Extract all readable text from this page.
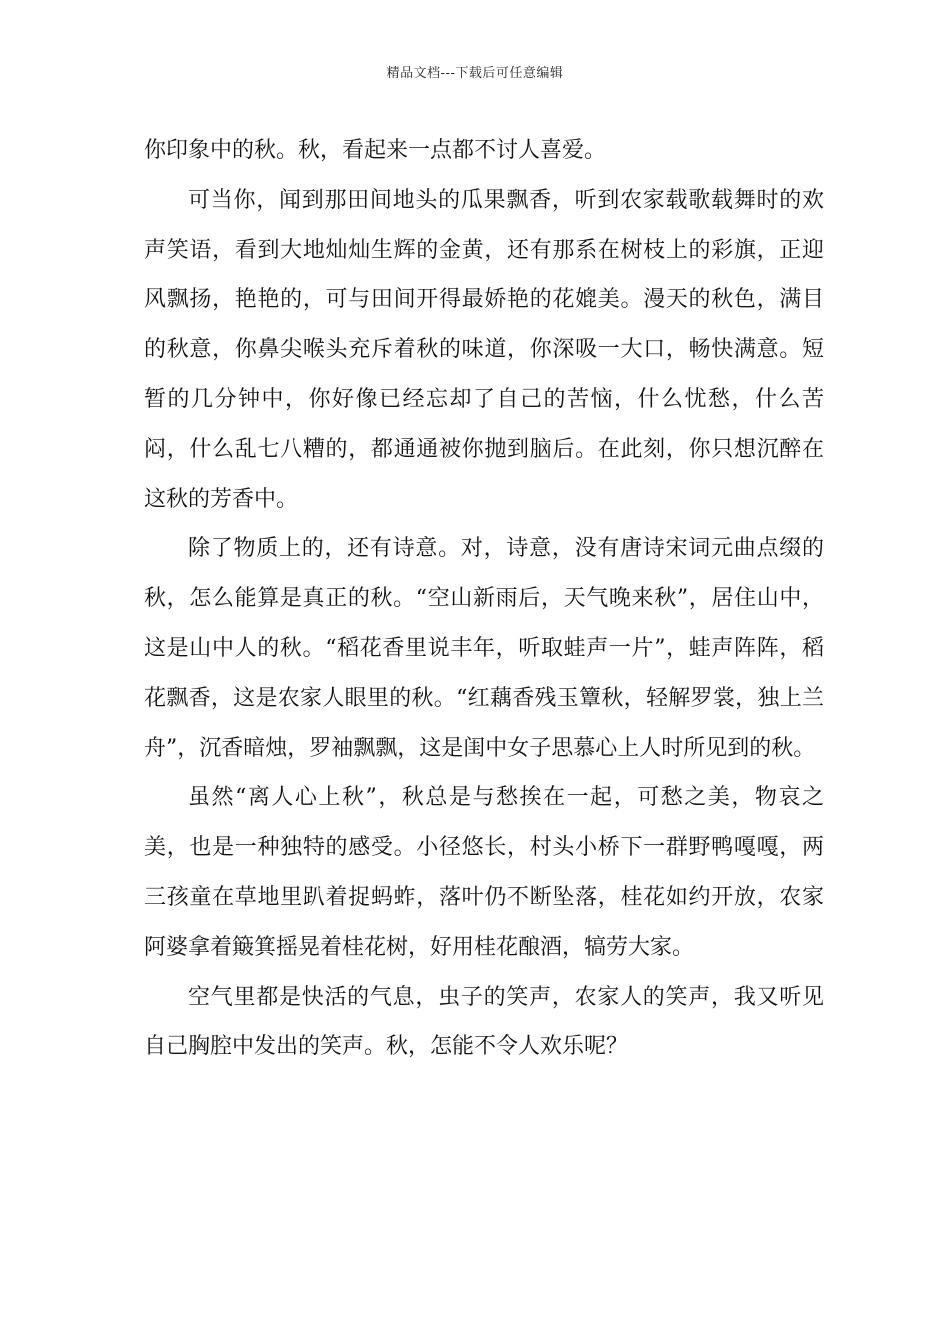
精品文档---下载后可任意编辑

你印象中的秋。秋，看起来一点都不讨人喜爱。

可当你，闻到那田间地头的瓜果飘香，听到农家载歌载舞时的欢声笑语，看到大地灿灿生辉的金黄，还有那系在树枝上的彩旗，正迎风飘扬，艳艳的，可与田间开得最娇艳的花媲美。漫天的秋色，满目的秋意，你鼻尖喉头充斥着秋的味道，你深吸一大口，畅快满意。短暂的几分钟中，你好像已经忘却了自己的苦恼，什么忧愁，什么苦闷，什么乱七八糟的，都通通被你抛到脑后。在此刻，你只想沉醉在这秋的芳香中。

除了物质上的，还有诗意。对，诗意，没有唐诗宋词元曲点缀的秋，怎么能算是真正的秋。“空山新雨后，天气晚来秋”，居住山中，这是山中人的秋。“稻花香里说丰年，听取蛙声一片”，蛙声阵阵，稻花飘香，这是农家人眼里的秋。“红藕香残玉簟秋，轻解罗裳，独上兰舟”，沉香暗烛，罗袖飘飘，这是闺中女子思慕心上人时所见到的秋。

虽然“离人心上秋”，秋总是与愁挨在一起，可愁之美，物哀之美，也是一种独特的感受。小径悠长，村头小桥下一群野鸭嘎嘎，两三孩童在草地里趴着捉蚂蚱，落叶仍不断坠落，桂花如约开放，农家阿婆拿着簸箕摇晃着桂花树，好用桂花酿酒，犒劳大家。

空气里都是快活的气息，虫子的笑声，农家人的笑声，我又听见自己胸腔中发出的笑声。秋，怎能不令人欢乐呢？
